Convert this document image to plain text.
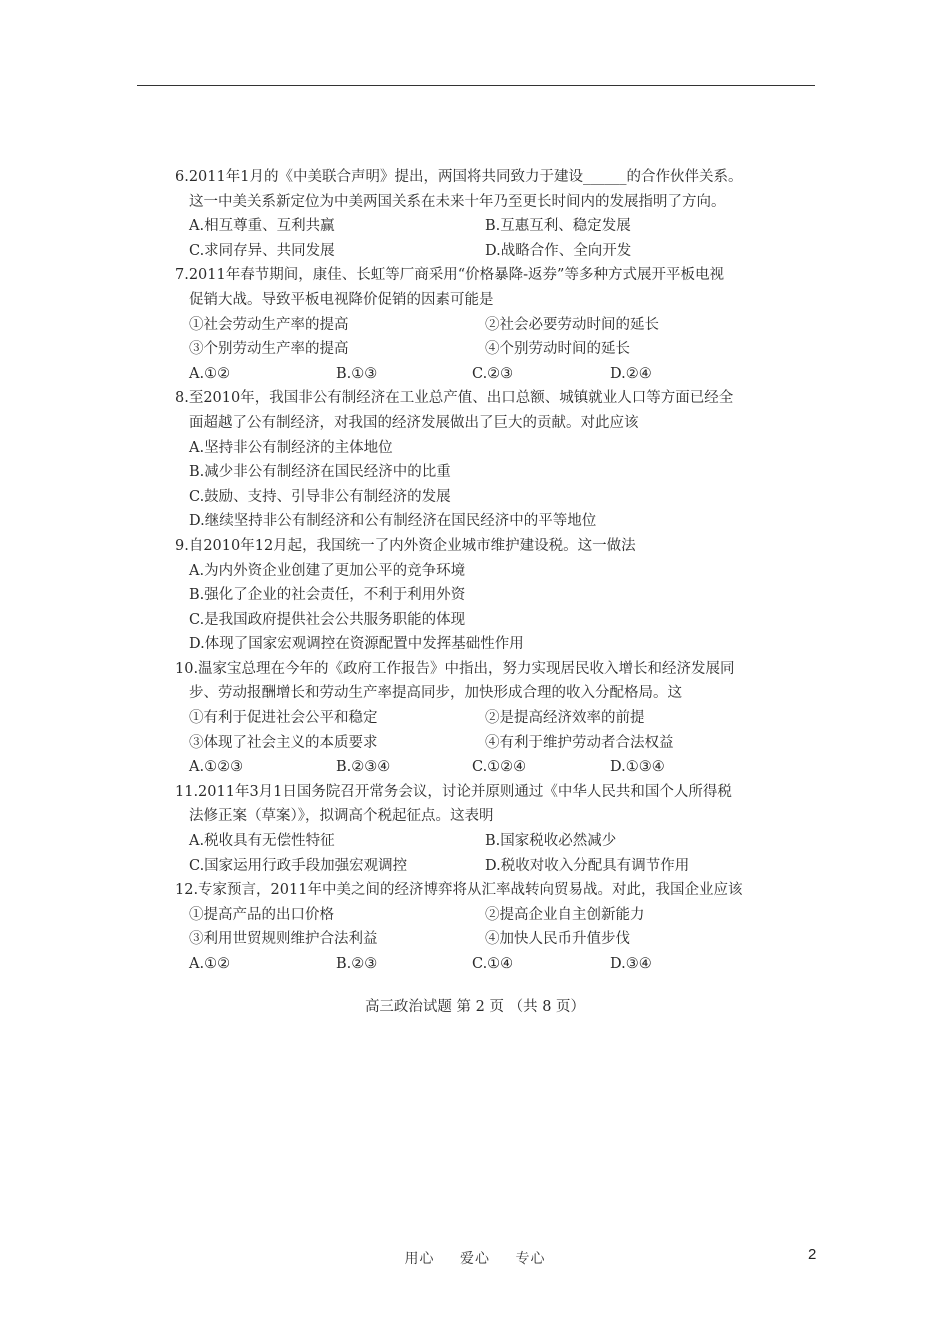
6.2011年1月的《中美联合声明》提出，两国将共同致力于建设______的合作伙伴关系。
这一中美关系新定位为中美两国关系在未来十年乃至更长时间内的发展指明了方向。
A.相互尊重、互利共赢	B.互惠互利、稳定发展
C.求同存异、共同发展	D.战略合作、全向开发
7.2011年春节期间，康佳、长虹等厂商采用“价格暴降-返券”等多种方式展开平板电视
促销大战。导致平板电视降价促销的因素可能是
①社会劳动生产率的提高	②社会必要劳动时间的延长
③个别劳动生产率的提高	④个别劳动时间的延长
A.①②	B.①③	C.②③	D.②④
8.至2010年，我国非公有制经济在工业总产值、出口总额、城镇就业人口等方面已经全
面超越了公有制经济，对我国的经济发展做出了巨大的贡献。对此应该
A.坚持非公有制经济的主体地位
B.减少非公有制经济在国民经济中的比重
C.鼓励、支持、引导非公有制经济的发展
D.继续坚持非公有制经济和公有制经济在国民经济中的平等地位
9.自2010年12月起，我国统一了内外资企业城市维护建设税。这一做法
A.为内外资企业创建了更加公平的竞争环境
B.强化了企业的社会责任，不利于利用外资
C.是我国政府提供社会公共服务职能的体现
D.体现了国家宏观调控在资源配置中发挥基础性作用
10.温家宝总理在今年的《政府工作报告》中指出，努力实现居民收入增长和经济发展同
步、劳动报酬增长和劳动生产率提高同步，加快形成合理的收入分配格局。这
①有利于促进社会公平和稳定	②是提高经济效率的前提
③体现了社会主义的本质要求	④有利于维护劳动者合法权益
A.①②③	B.②③④	C.①②④	D.①③④
11.2011年3月1日国务院召开常务会议，讨论并原则通过《中华人民共和国个人所得税
法修正案（草案）》，拟调高个税起征点。这表明
A.税收具有无偿性特征	B.国家税收必然减少
C.国家运用行政手段加强宏观调控	D.税收对收入分配具有调节作用
12.专家预言，2011年中美之间的经济博弈将从汇率战转向贸易战。对此，我国企业应该
①提高产品的出口价格	②提高企业自主创新能力
③利用世贸规则维护合法利益	④加快人民币升值步伐
A.①②	B.②③	C.①④	D.③④
高三政治试题 第 2 页 （共 8 页）
用心 爱心 专心	2
